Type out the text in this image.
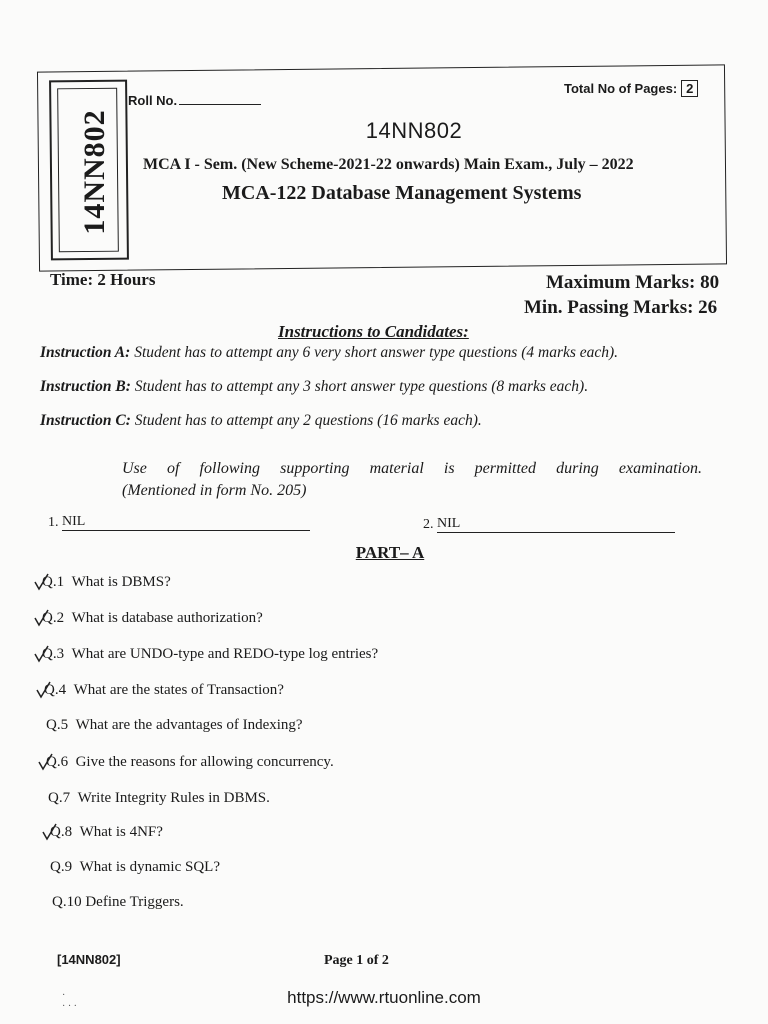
14NN802
Roll No.
Total No of Pages: 2
14NN802
MCA I - Sem. (New Scheme-2021-22 onwards) Main Exam., July – 2022
MCA-122 Database Management Systems
Time: 2 Hours	Maximum Marks: 80
Min. Passing Marks: 26
Instructions to Candidates:
Instruction A: Student has to attempt any 6 very short answer type questions (4 marks each).
Instruction B: Student has to attempt any 3 short answer type questions (8 marks each).
Instruction C: Student has to attempt any 2 questions (16 marks each).
Use of following supporting material is permitted during examination.
(Mentioned in form No. 205)
1. NIL	2. NIL
PART– A
Q.1 What is DBMS?
Q.2 What is database authorization?
Q.3 What are UNDO-type and REDO-type log entries?
Q.4 What are the states of Transaction?
Q.5 What are the advantages of Indexing?
Q.6 Give the reasons for allowing concurrency.
Q.7 Write Integrity Rules in DBMS.
Q.8 What is 4NF?
Q.9 What is dynamic SQL?
Q.10 Define Triggers.
[14NN802]	Page 1 of 2
https://www.rtuonline.com
·
· · ·
